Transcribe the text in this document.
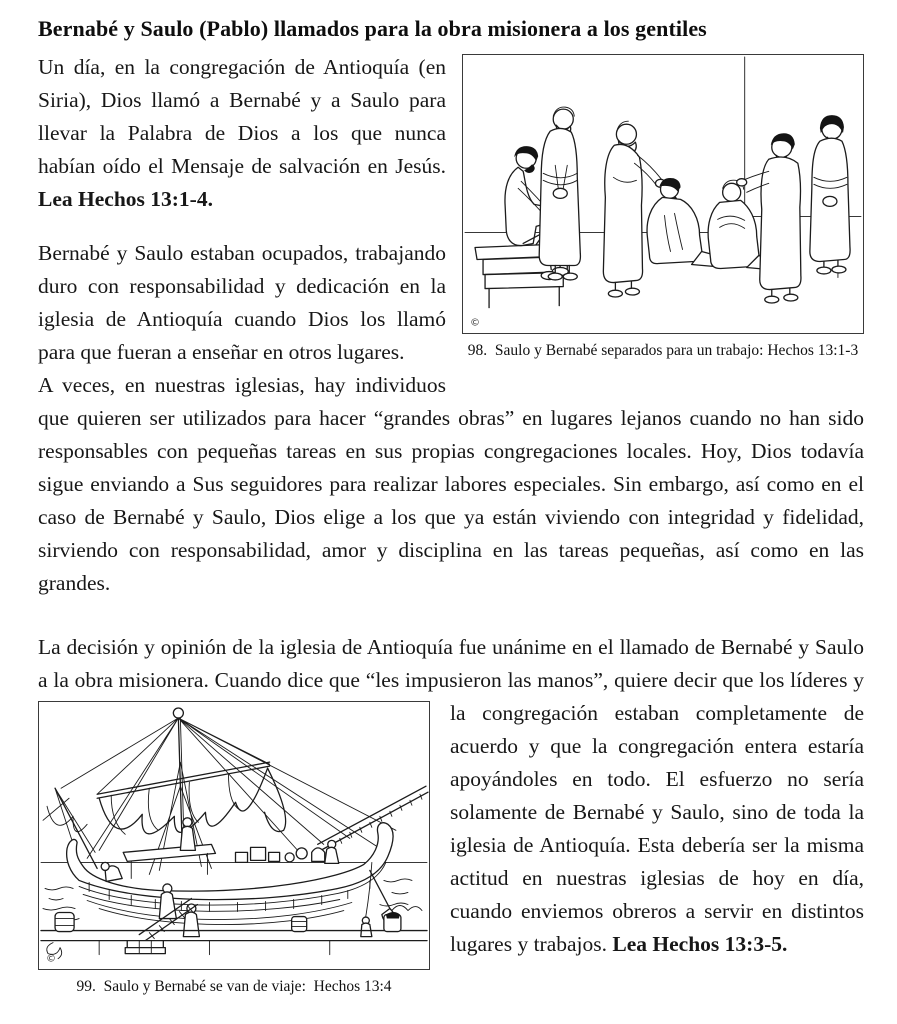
Bernabé y Saulo (Pablo) llamados para la obra misionera a los gentiles
©
98.  Saulo y Bernabé separados para un trabajo: Hechos 13:1-3
Un día, en la congregación de Antioquía (en Siria), Dios llamó a Bernabé y a Saulo para llevar la Palabra de Dios a los que nunca habían oído el Mensaje de salvación en Jesús. Lea Hechos 13:1-4.
Bernabé y Saulo estaban ocupados, trabajando duro con responsabilidad y dedicación en la iglesia de Antioquía cuando Dios los llamó para que fueran a enseñar en otros lugares.
A veces, en nuestras iglesias, hay individuos que quieren ser utilizados para hacer “grandes obras” en lugares lejanos cuando no han sido responsables con pequeñas tareas en sus propias congregaciones locales. Hoy, Dios todavía sigue enviando a Sus seguidores para realizar labores especiales. Sin embargo, así como en el caso de Bernabé y Saulo, Dios elige a los que ya están viviendo con integridad y fidelidad, sirviendo con responsabilidad, amor y disciplina en las tareas pequeñas, así como en las grandes.
La decisión y opinión de la iglesia de Antioquía fue unánime en el llamado de Bernabé y Saulo a la obra misionera. Cuando dice que “les impusieron
©
99.  Saulo y Bernabé se van de viaje:  Hechos 13:4
las manos”, quiere decir que los líderes y la congregación estaban completamente de acuerdo y que la congregación entera estaría apoyándoles en todo. El esfuerzo no sería solamente de Bernabé y Saulo, sino de toda la iglesia de Antioquía. Esta debería ser la misma actitud en nuestras iglesias de hoy en día, cuando enviemos obreros a servir en distintos lugares y trabajos. Lea Hechos 13:3-5.
